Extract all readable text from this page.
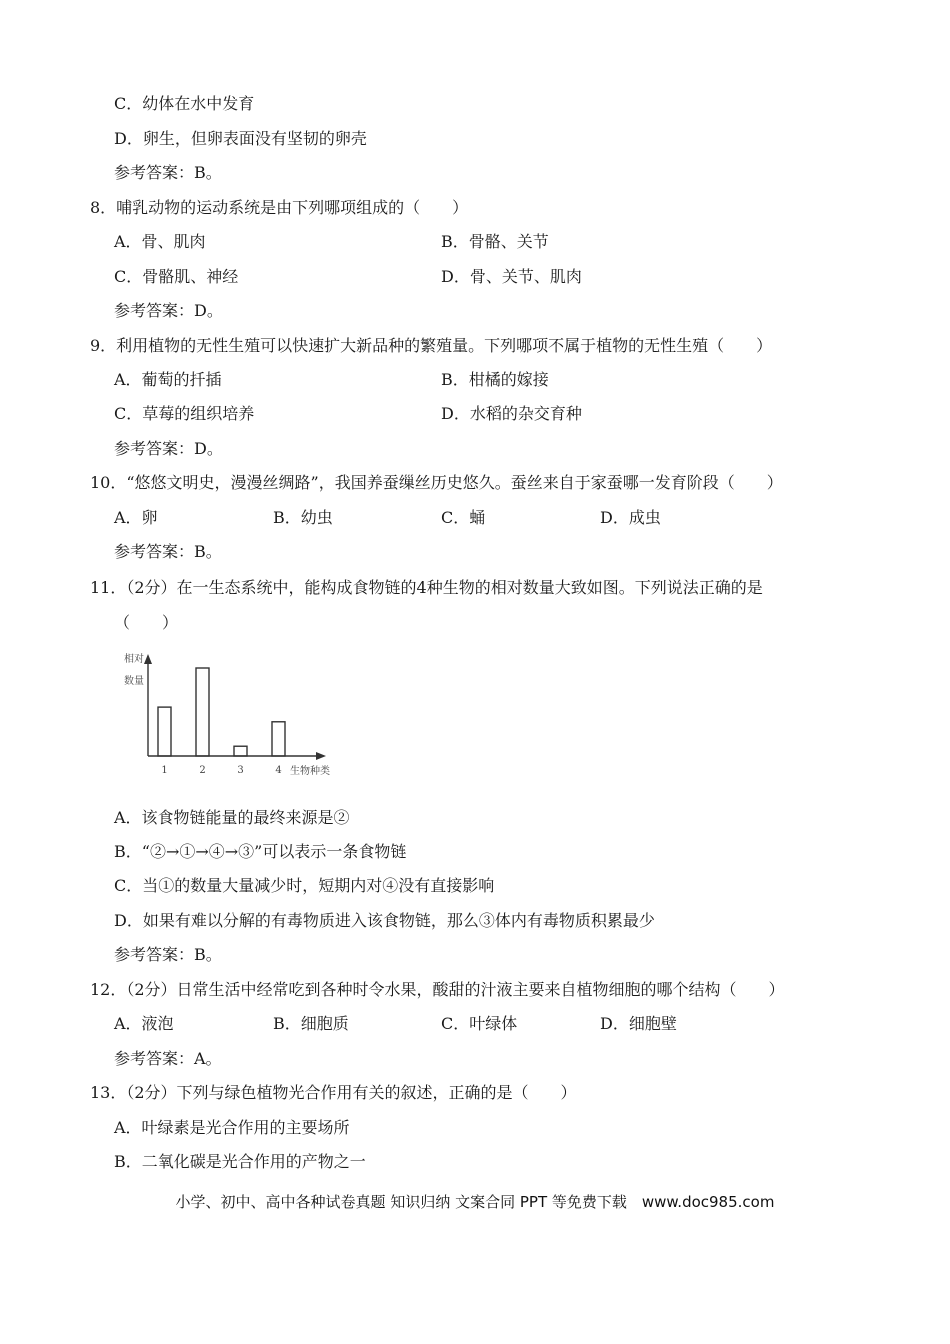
C．幼体在水中发育
D．卵生，但卵表面没有坚韧的卵壳
参考答案：B。
8．哺乳动物的运动系统是由下列哪项组成的（　　）
A．骨、肌肉	B．骨骼、关节
C．骨骼肌、神经	D．骨、关节、肌肉
参考答案：D。
9．利用植物的无性生殖可以快速扩大新品种的繁殖量。下列哪项不属于植物的无性生殖（　　）
A．葡萄的扦插	B．柑橘的嫁接
C．草莓的组织培养	D．水稻的杂交育种
参考答案：D。
10．“悠悠文明史，漫漫丝绸路”，我国养蚕缫丝历史悠久。蚕丝来自于家蚕哪一发育阶段（　　）
A．卵	B．幼虫	C．蛹	D．成虫
参考答案：B。
11．（2分）在一生态系统中，能构成食物链的4种生物的相对数量大致如图。下列说法正确的是
（　　）
相对
数量
生物种类
1	2	3	4
A．该食物链能量的最终来源是②
B．“②→①→④→③”可以表示一条食物链
C．当①的数量大量减少时，短期内对④没有直接影响
D．如果有难以分解的有毒物质进入该食物链，那么③体内有毒物质积累最少
参考答案：B。
12．（2分）日常生活中经常吃到各种时令水果，酸甜的汁液主要来自植物细胞的哪个结构（　　）
A．液泡	B．细胞质	C．叶绿体	D．细胞壁
参考答案：A。
13．（2分）下列与绿色植物光合作用有关的叙述，正确的是（　　）
A．叶绿素是光合作用的主要场所
B．二氧化碳是光合作用的产物之一
小学、初中、高中各种试卷真题 知识归纳 文案合同 PPT 等免费下载　www.doc985.com
